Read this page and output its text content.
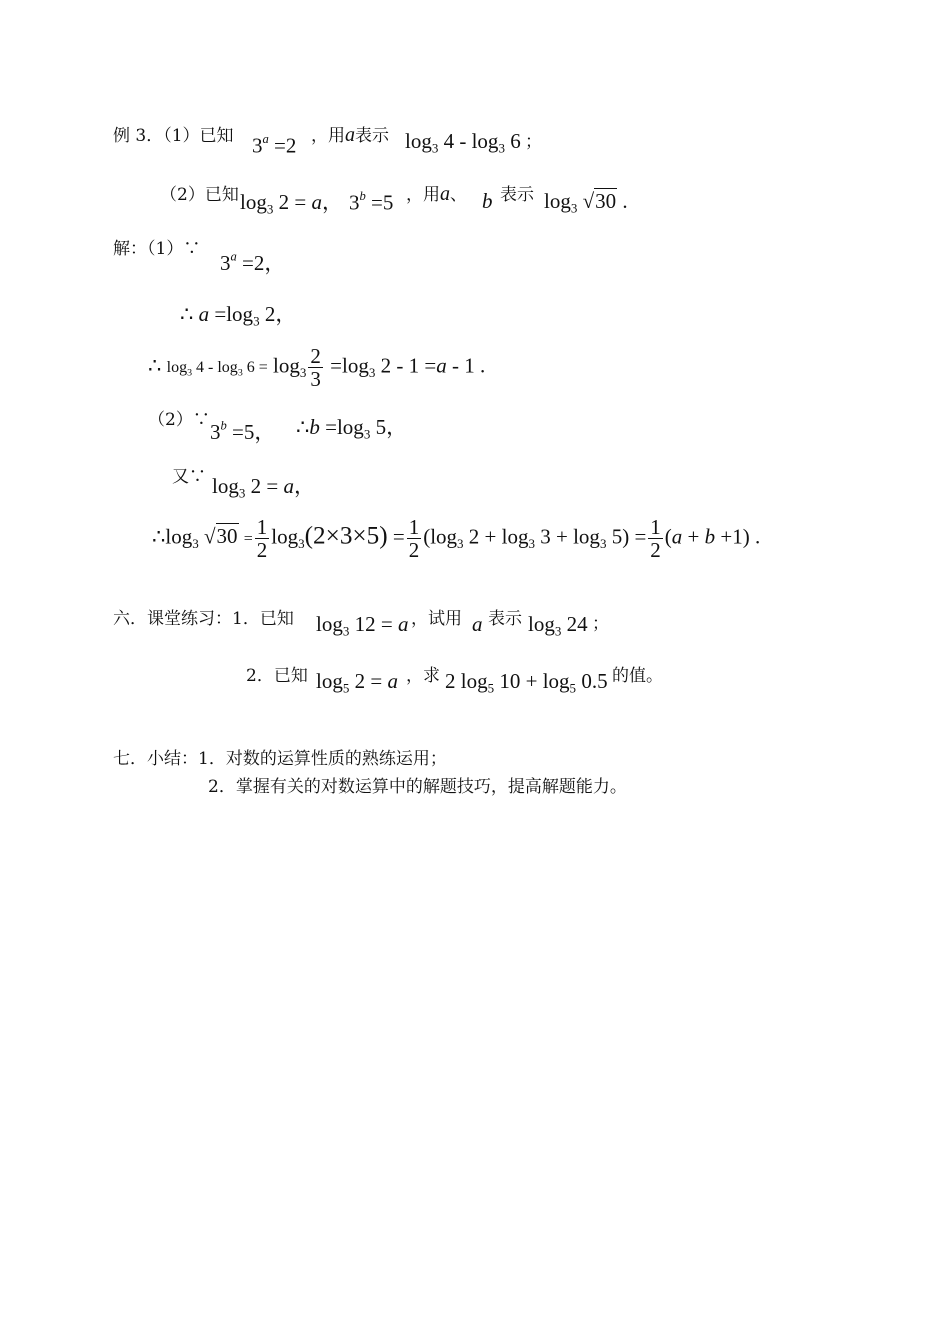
例 3．（1）已知 $3^a =2$ ，用a表示 $\log_3 4 - \log_3 6$ ；
（2）已知 $\log_3 2 = a$， $3^b =5$ ，用a、 b 表示 $\log_3 √30$ .
解：（1）∵
$3^a =2$，
∴ $a =\log_3$ 2，
∴ $\log_3 4 - \log_3 6 = \log_3 \frac{2}{3} =\log_3$ 2 - 1 =a - 1 .
（2）∵ $3^b =5$， ∴b $=\log_3$ 5，
又∵ $\log_3 2 = a$，
$\therefore\log_3$ $√30 = \frac{1}{2} \log_3(2\times 3\times 5) = \frac{1}{2} (\log_3$ $2 + \log_3 3 + \log_3 5) = \frac{1}{2} (a + b +1)$ .
六．课堂练习：1．已知 $\log_3 12 = a$ ，试用 a 表示 $\log_3 24$ ；
2．已知 $\log_5 2 = a$ ，求 2 $\log_5 10 + \log_5 0.5$ 的值。
七．小结：1．对数的运算性质的熟练运用；
2．掌握有关的对数运算中的解题技巧，提高解题能力。
